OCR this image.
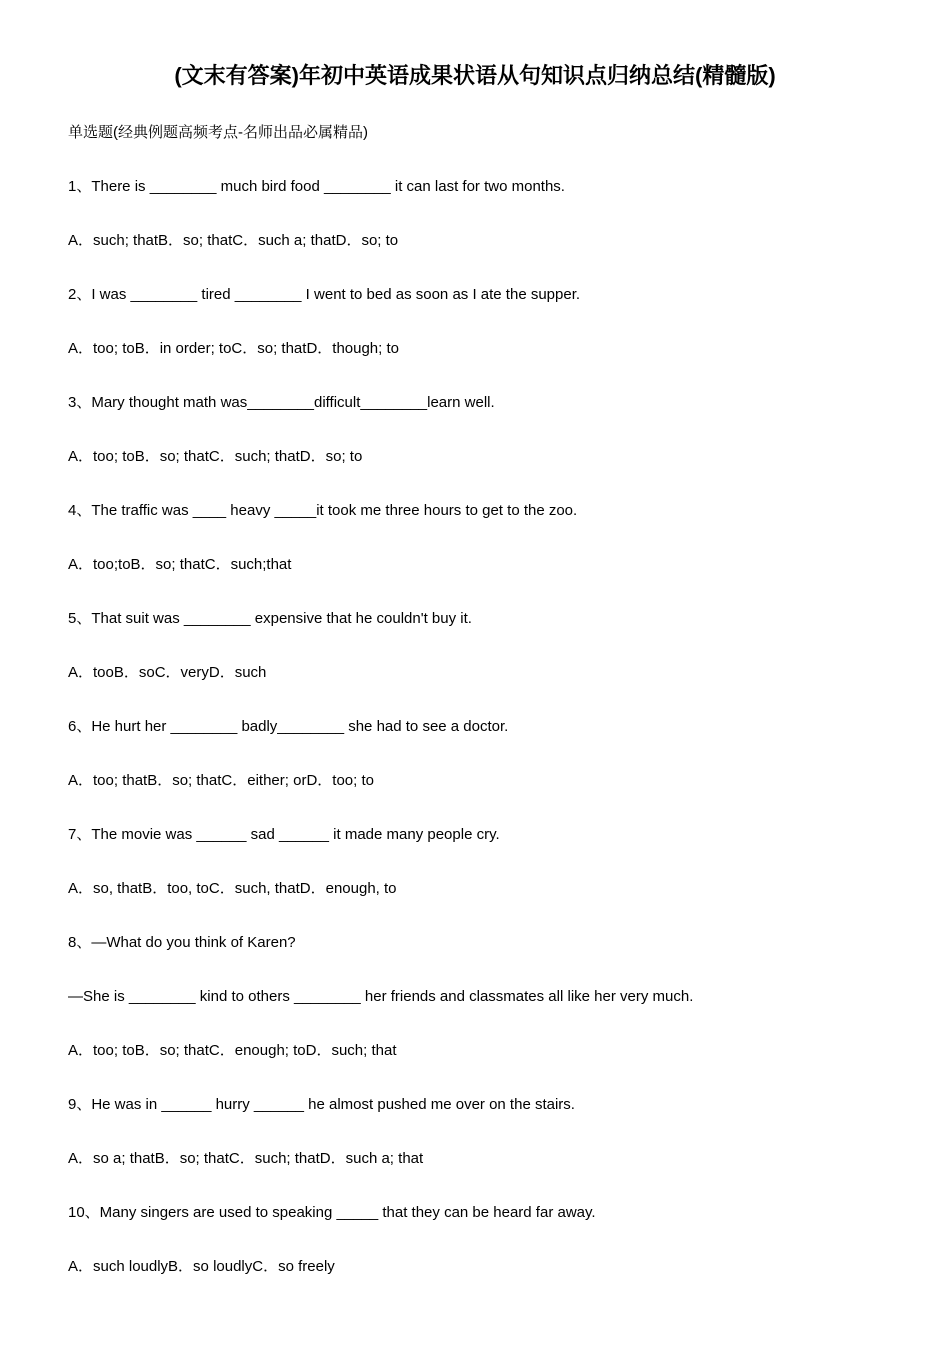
(文末有答案)年初中英语成果状语从句知识点归纳总结(精髓版)
单选题(经典例题高频考点-名师出品必属精品)
1、There is ________ much bird food ________ it can last for two months.
A．such; thatB．so; thatC．such a; thatD．so; to
2、I was ________ tired ________ I went to bed as soon as I ate the supper.
A．too; toB．in order; toC．so; thatD．though; to
3、Mary thought math was________difficult________learn well.
A．too; toB．so; thatC．such; thatD．so; to
4、The traffic was ____ heavy _____it took me three hours to get to the zoo.
A．too;toB．so; thatC．such;that
5、That suit was ________ expensive that he couldn't buy it.
A．tooB．soC．veryD．such
6、He hurt her ________ badly________ she had to see a doctor.
A．too; thatB．so; thatC．either; orD．too; to
7、The movie was ______ sad ______ it made many people cry.
A．so, thatB．too, toC．such, thatD．enough, to
8、—What do you think of Karen?
—She is ________ kind to others ________ her friends and classmates all like her very much.
A．too; toB．so; thatC．enough; toD．such; that
9、He was in ______ hurry ______ he almost pushed me over on the stairs.
A．so a; thatB．so; thatC．such; thatD．such a; that
10、Many singers are used to speaking _____ that they can be heard far away.
A．such loudlyB．so loudlyC．so freely
